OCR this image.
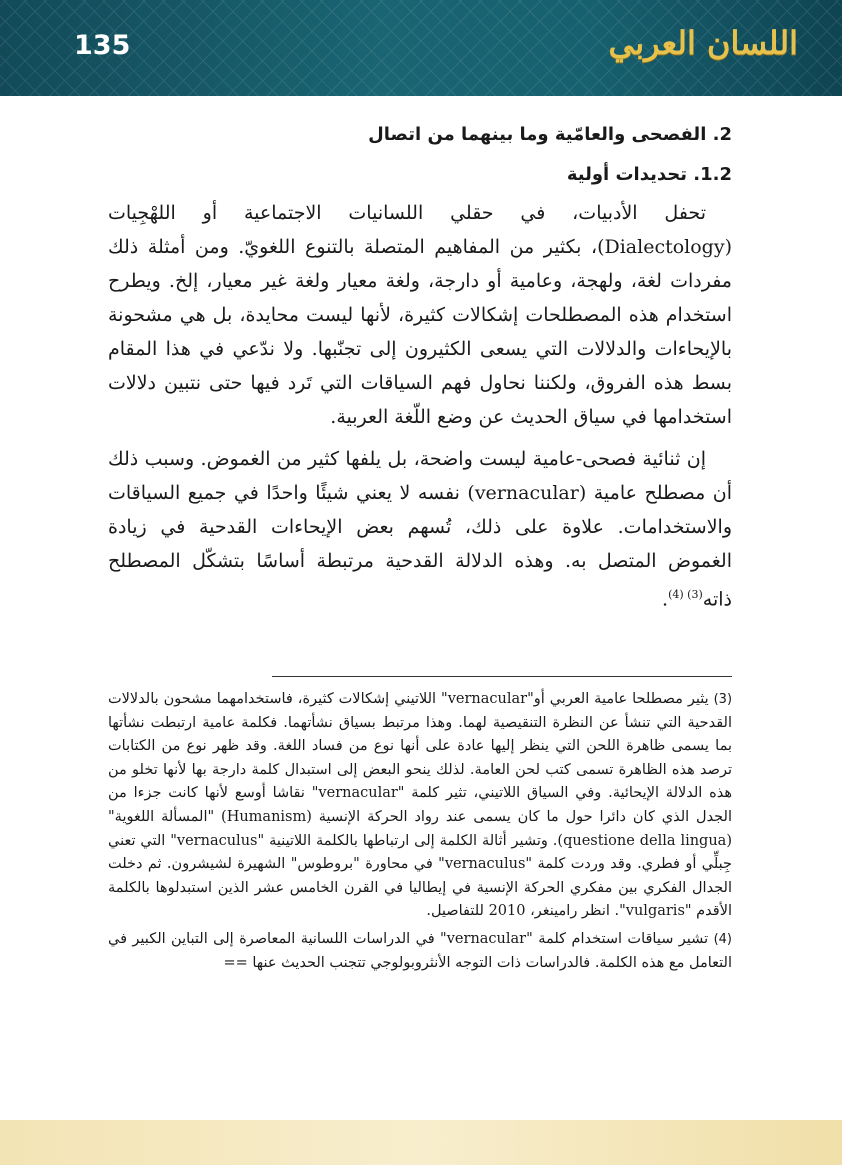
135	اللسان العربي
2. الفصحى والعامّية وما بينهما من اتصال
1.2. تحديدات أولية

تحفل الأدبيات، في حقلي اللسانيات الاجتماعية أو اللهْجِيات (Dialectology)، بكثير من المفاهيم المتصلة بالتنوع اللغويّ. ومن أمثلة ذلك مفردات لغة، ولهجة، وعامية أو دارجة، ولغة معيار ولغة غير معيار، إلخ. ويطرح استخدام هذه المصطلحات إشكالات كثيرة، لأنها ليست محايدة، بل هي مشحونة بالإيحاءات والدلالات التي يسعى الكثيرون إلى تجنّبها. ولا ندّعي في هذا المقام بسط هذه الفروق، ولكننا نحاول فهم السياقات التي تَرد فيها حتى نتبين دلالات استخدامها في سياق الحديث عن وضع اللّغة العربية.

إن ثنائية فصحى-عامية ليست واضحة، بل يلفها كثير من الغموض. وسبب ذلك أن مصطلح عامية (vernacular) نفسه لا يعني شيئًا واحدًا في جميع السياقات والاستخدامات. علاوة على ذلك، تُسهم بعض الإيحاءات القدحية في زيادة الغموض المتصل به. وهذه الدلالة القدحية مرتبطة أساسًا بتشكّل المصطلح ذاته$^{(3) (4)}$.

(3) يثير مصطلحا عامية العربي أو"vernacular" اللاتيني إشكالات كثيرة، فاستخدامهما مشحون بالدلالات القدحية التي تنشأ عن النظرة التنقيصية لهما. وهذا مرتبط بسياق نشأتهما. فكلمة عامية ارتبطت نشأتها بما يسمى ظاهرة اللحن التي ينظر إليها عادة على أنها نوع من فساد اللغة. وقد ظهر نوع من الكتابات ترصد هذه الظاهرة تسمى كتب لحن العامة. لذلك ينحو البعض إلى استبدال كلمة دارجة بها لأنها تخلو من هذه الدلالة الإيحائية. وفي السياق اللاتيني، تثير كلمة "vernacular" نقاشا أوسع لأنها كانت جزءا من الجدل الذي كان دائرا حول ما كان يسمى عند رواد الحركة الإنسية (Humanism) "المسألة اللغوية" (questione della lingua). وتشير أثالة الكلمة إلى ارتباطها بالكلمة اللاتينية "vernaculus" التي تعني جِبلِّي أو فطري. وقد وردت كلمة "vernaculus" في محاورة "بروطوس" الشهيرة لشيشرون. ثم دخلت الجدال الفكري بين مفكري الحركة الإنسية في إيطاليا في القرن الخامس عشر الذين استبدلوها بالكلمة الأقدم "vulgaris". انظر رامينغر، 2010 للتفاصيل.

(4) تشير سياقات استخدام كلمة "vernacular" في الدراسات اللسانية المعاصرة إلى التباين الكبير في التعامل مع هذه الكلمة. فالدراسات ذات التوجه الأنثروبولوجي تتجنب الحديث عنها ==
